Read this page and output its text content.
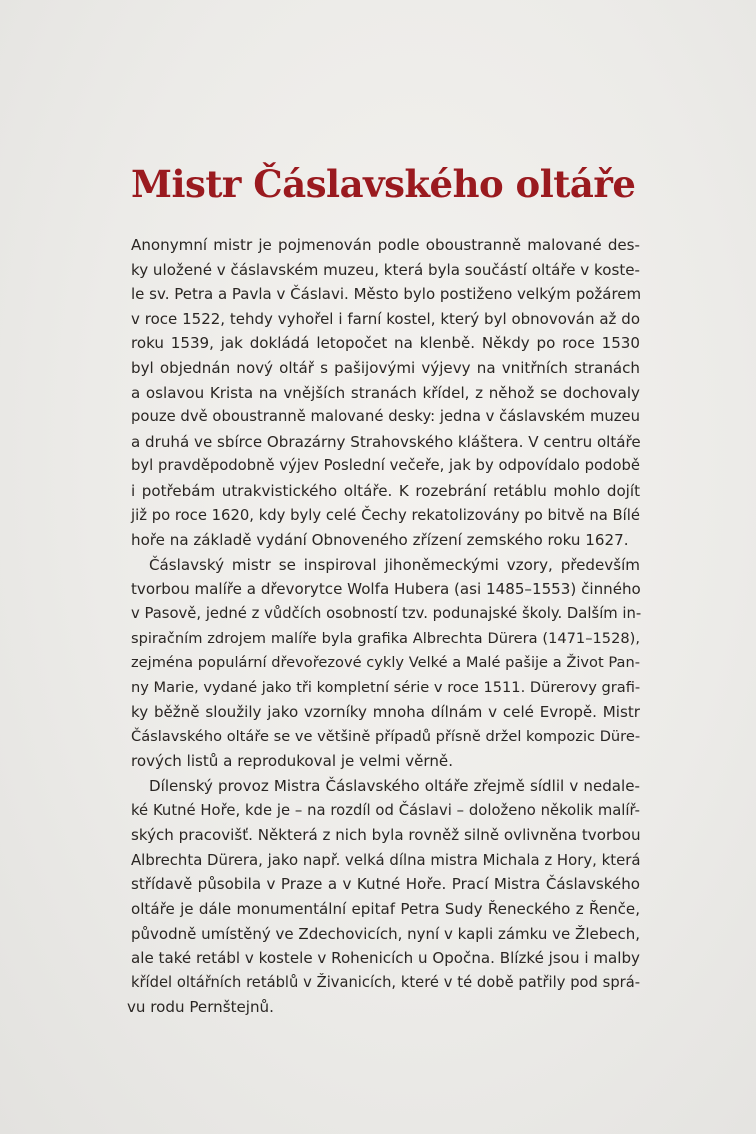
Mistr Čáslavského oltáře
Anonymní mistr je pojmenován podle oboustranně malované des-
ky uložené v čáslavském muzeu, která byla součástí oltáře v koste-
le sv. Petra a Pavla v Čáslavi. Město bylo postiženo velkým požárem
v roce 1522, tehdy vyhořel i farní kostel, který byl obnovován až do
roku 1539, jak dokládá letopočet na klenbě. Někdy po roce 1530
byl objednán nový oltář s pašijovými výjevy na vnitřních stranách
a oslavou Krista na vnějších stranách křídel, z něhož se dochovaly
pouze dvě oboustranně malované desky: jedna v čáslavském muzeu
a druhá ve sbírce Obrazárny Strahovského kláštera. V centru oltáře
byl pravděpodobně výjev Poslední večeře, jak by odpovídalo podobě
i potřebám utrakvistického oltáře. K rozebrání retáblu mohlo dojít
již po roce 1620, kdy byly celé Čechy rekatolizovány po bitvě na Bílé
hoře na základě vydání Obnoveného zřízení zemského roku 1627.
Čáslavský mistr se inspiroval jihoněmeckými vzory, především
tvorbou malíře a dřevorytce Wolfa Hubera (asi 1485–1553) činného
v Pasově, jedné z vůdčích osobností tzv. podunajské školy. Dalším in-
spiračním zdrojem malíře byla grafika Albrechta Dürera (1471–1528),
zejména populární dřevořezové cykly Velké a Malé pašije a Život Pan-
ny Marie, vydané jako tři kompletní série v roce 1511. Dürerovy grafi-
ky běžně sloužily jako vzorníky mnoha dílnám v celé Evropě. Mistr
Čáslavského oltáře se ve většině případů přísně držel kompozic Düre-
rových listů a reprodukoval je velmi věrně.
Dílenský provoz Mistra Čáslavského oltáře zřejmě sídlil v nedale-
ké Kutné Hoře, kde je – na rozdíl od Čáslavi – doloženo několik malíř-
ských pracovišť. Některá z nich byla rovněž silně ovlivněna tvorbou
Albrechta Dürera, jako např. velká dílna mistra Michala z Hory, která
střídavě působila v Praze a v Kutné Hoře. Prací Mistra Čáslavského
oltáře je dále monumentální epitaf Petra Sudy Řeneckého z Řenče,
původně umístěný ve Zdechovicích, nyní v kapli zámku ve Žlebech,
ale také retábl v kostele v Rohenicích u Opočna. Blízké jsou i malby
křídel oltářních retáblů v Živanicích, které v té době patřily pod sprá-
vu rodu Pernštejnů.
